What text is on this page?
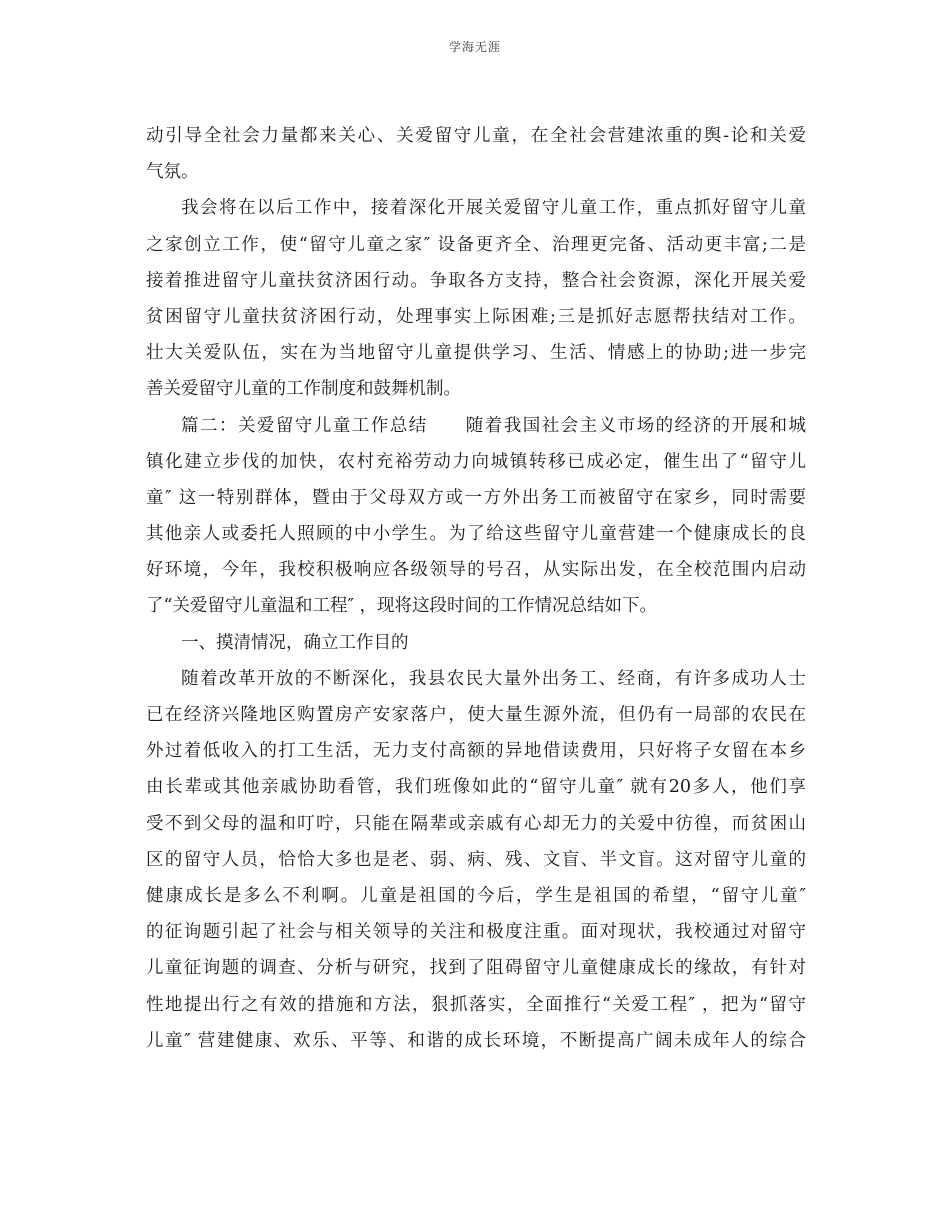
学海无涯
动引导全社会力量都来关心、关爱留守儿童，在全社会营建浓重的舆-论和关爱
气氛。
我会将在以后工作中，接着深化开展关爱留守儿童工作，重点抓好留守儿童
之家创立工作，使“留守儿童之家″ 设备更齐全、治理更完备、活动更丰富;二是
接着推进留守儿童扶贫济困行动。争取各方支持，整合社会资源，深化开展关爱
贫困留守儿童扶贫济困行动，处理事实上际困难;三是抓好志愿帮扶结对工作。
壮大关爱队伍，实在为当地留守儿童提供学习、生活、情感上的协助;进一步完
善关爱留守儿童的工作制度和鼓舞机制。
篇二：关爱留守儿童工作总结　　随着我国社会主义市场的经济的开展和城
镇化建立步伐的加快，农村充裕劳动力向城镇转移已成必定，催生出了“留守儿
童″ 这一特别群体，暨由于父母双方或一方外出务工而被留守在家乡，同时需要
其他亲人或委托人照顾的中小学生。为了给这些留守儿童营建一个健康成长的良
好环境，今年，我校积极响应各级领导的号召，从实际出发，在全校范围内启动
了“关爱留守儿童温和工程″ ，现将这段时间的工作情况总结如下。
一、摸清情况，确立工作目的
随着改革开放的不断深化，我县农民大量外出务工、经商，有许多成功人士
已在经济兴隆地区购置房产安家落户，使大量生源外流，但仍有一局部的农民在
外过着低收入的打工生活，无力支付高额的异地借读费用，只好将子女留在本乡
由长辈或其他亲戚协助看管，我们班像如此的“留守儿童″ 就有20多人，他们享
受不到父母的温和叮咛，只能在隔辈或亲戚有心却无力的关爱中彷徨，而贫困山
区的留守人员，恰恰大多也是老、弱、病、残、文盲、半文盲。这对留守儿童的
健康成长是多么不利啊。儿童是祖国的今后，学生是祖国的希望，“留守儿童″
的征询题引起了社会与相关领导的关注和极度注重。面对现状，我校通过对留守
儿童征询题的调查、分析与研究，找到了阻碍留守儿童健康成长的缘故，有针对
性地提出行之有效的措施和方法，狠抓落实，全面推行“关爱工程″ ，把为“留守
儿童″ 营建健康、欢乐、平等、和谐的成长环境，不断提高广阔未成年人的综合
